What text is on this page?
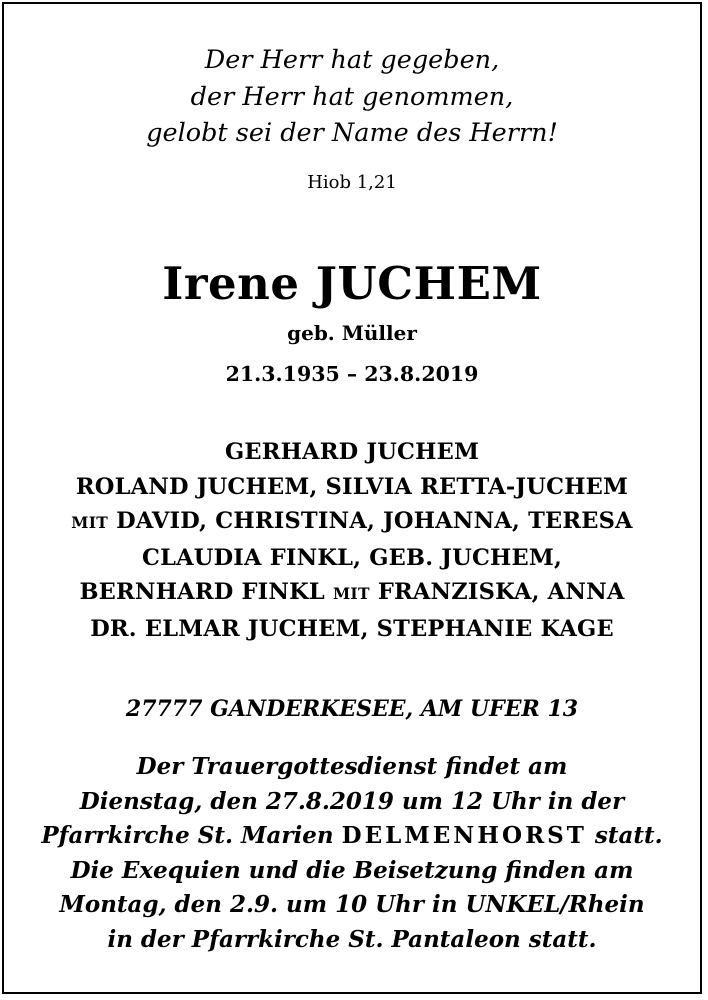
Der Herr hat gegeben,
der Herr hat genommen,
gelobt sei der Name des Herrn!
Hiob 1,21
Irene JUCHEM
geb. Müller
21.3.1935 – 23.8.2019
GERHARD JUCHEM
ROLAND JUCHEM, SILVIA RETTA-JUCHEM
MIT DAVID, CHRISTINA, JOHANNA, TERESA
CLAUDIA FINKL, GEB. JUCHEM,
BERNHARD FINKL MIT FRANZISKA, ANNA
DR. ELMAR JUCHEM, STEPHANIE KAGE
27777 GANDERKESEE, AM UFER 13
Der Trauergottesdienst findet am
Dienstag, den 27.8.2019 um 12 Uhr in der
Pfarrkirche St. Marien DELMENHORST statt.
Die Exequien und die Beisetzung finden am
Montag, den 2.9. um 10 Uhr in UNKEL/Rhein
in der Pfarrkirche St. Pantaleon statt.
